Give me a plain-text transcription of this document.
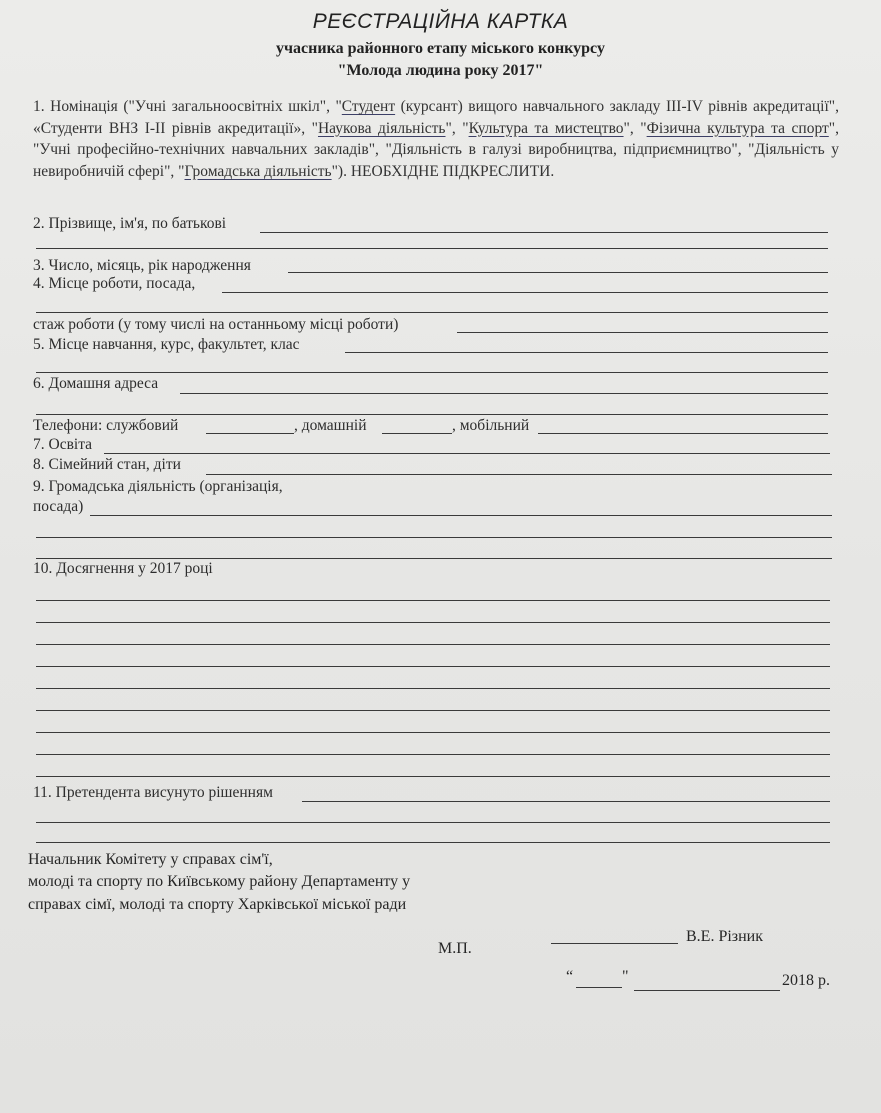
РЕЄСТРАЦІЙНА КАРТКА
учасника районного етапу міського конкурсу
"Молода людина року 2017"
1. Номінація ("Учні загальноосвітніх шкіл", "Студент (курсант) вищого навчального закладу III-IV рівнів акредитації", «Студенти ВНЗ І-ІІ рівнів акредитації», "Наукова діяльність", "Культура та мистецтво", "Фізична культура та спорт", "Учні професійно-технічних навчальних закладів", "Діяльність в галузі виробництва, підприємництво", "Діяльність у невиробничій сфері", "Громадська діяльність"). НЕОБХІДНЕ ПІДКРЕСЛИТИ.
2. Прізвище, ім'я, по батькові
3. Число, місяць, рік народження
4. Місце роботи, посада,
стаж роботи (у тому числі на останньому місці роботи)
5. Місце навчання, курс, факультет, клас
6. Домашня адреса
Телефони: службовий	, домашній	, мобільний
7. Освіта
8. Сімейний стан, діти
9. Громадська діяльність (організація,
посада)
10. Досягнення у 2017 році
11. Претендента висунуто рішенням
Начальник Комітету у справах сім'ї,
молоді та спорту по Київському району Департаменту у
справах сімї, молоді та спорту Харківської міської ради
М.П.
В.Е. Різник
“	"	2018 р.
